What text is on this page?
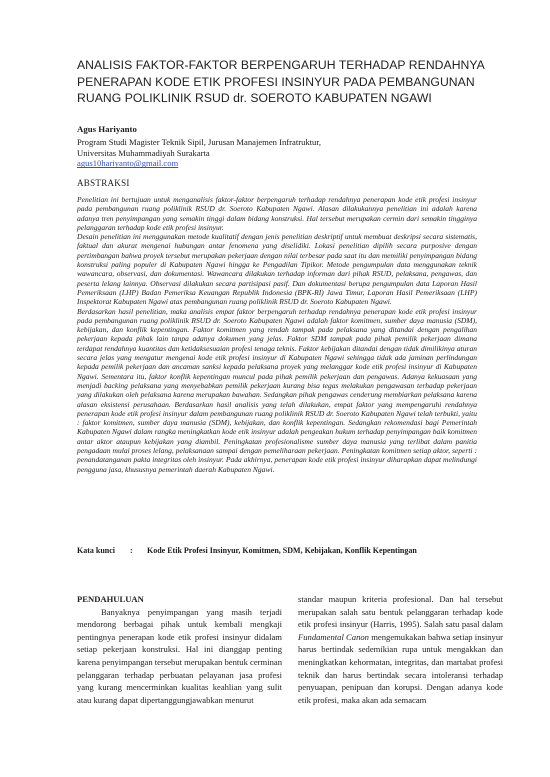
ANALISIS FAKTOR-FAKTOR BERPENGARUH TERHADAP RENDAHNYA
PENERAPAN KODE ETIK PROFESI INSINYUR PADA PEMBANGUNAN
RUANG POLIKLINIK RSUD dr. SOEROTO KABUPATEN NGAWI
Agus Hariyanto
Program Studi Magister Teknik Sipil, Jurusan Manajemen Infratruktur,
Universitas Muhammadiyah Surakarta
agus10hariyanto@gmail.com
ABSTRAKSI

Penelitian ini bertujuan untuk menganalisis faktor-faktor berpengaruh terhadap rendahnya penerapan kode etik profesi insinyur pada pembangunan ruang poliklinik RSUD dr. Soeroto Kabupaten Ngawi. Alasan dilakukannya penelitian ini adalah karena adanya tren penyimpangan yang semakin tinggi dalam bidang konstruksi. Hal tersebut merupakan cermin dari semakin tingginya pelanggaran terhadap kode etik profesi insinyur.

Desain penelitian ini menggunakan metode kualitatif dengan jenis penelitian deskriptif untuk membuat deskripsi secara sistematis, faktual dan akurat mengenai hubungan antar fenomena yang diselidiki. Lokasi penelitian dipilih secara purposive dengan pertimbangan bahwa proyek tersebut merupakan pekerjaan dengan nilai terbesar pada saat itu dan memiliki penyimpangan bidang konstruksi paling populer di Kabupaten Ngawi hingga ke Pengadilan Tipikor. Metode pengumpulan data menggunakan teknik wawancara, observasi, dan dokumentasi. Wawancara dilakukan terhadap informan dari pihak RSUD, pelaksana, pengawas, dan peserta lelang lainnya. Observasi dilakukan secara partisipasi pasif. Dan dokumentasi berupa pengumpulan data Laporan Hasil Pemeriksaan (LHP) Badan Pemeriksa Keuangan Republik Indonesia (BPK-RI) Jawa Timur, Laporan Hasil Pemeriksaan (LHP) Inspektorat Kabupaten Ngawi atas pembangunan ruang poliklinik RSUD dr. Soeroto Kabupaten Ngawi.

Berdasarkan hasil penelitian, maka analisis empat faktor berpengaruh terhadap rendahnya penerapan kode etik profesi insinyur pada pembangunan ruang poliklinik RSUD dr. Soeroto Kabupaten Ngawi adalah faktor komitmen, sumber daya manusia (SDM), kebijakan, dan konflik kepentingan. Faktor komitmen yang rendah tampak pada pelaksana yang ditandai dengan pengalihan pekerjaan kepada pihak lain tanpa adanya dokumen yang jelas. Faktor SDM tampak pada pihak pemilik pekerjaan dimana terdapat rendahnya kuantitas dan ketidaksesuaian profesi tenaga teknis. Faktor kebijakan ditandai dengan tidak dimilikinya aturan secara jelas yang mengatur mengenai kode etik profesi insinyur di Kabupaten Ngawi sehingga tidak ada jaminan perlindungan kepada pemilik pekerjaan dan ancaman sanksi kepada pelaksana proyek yang melanggar kode etik profesi insinyur di Kabupaten Ngawi. Sementara itu, faktor konflik kepentingan muncul pada pihak pemilik pekerjaan dan pengawas. Adanya kekuasaan yang menjadi backing pelaksana yang menyebabkan pemilik pekerjaan kurang bisa tegas melakukan pengawasan terhadap pekerjaan yang dilakukan oleh pelaksana karena merupakan bawahan. Sedangkan pihak pengawas cenderung membiarkan pelaksana karena alasan eksistensi perusahaan. Berdasarkan hasil analisis yang telah dilakukan, empat faktor yang mempengaruhi rendahnya penerapan kode etik profesi insinyur dalam pembangunan ruang poliklinik RSUD dr. Soeroto Kabupaten Ngawi telah terbukti, yaitu : faktor komitmen, sumber daya manusia (SDM), kebijakan, dan konflik kepentingan. Sedangkan rekomendasi bagi Pemerintah Kabupaten Ngawi dalam rangka meningkatkan kode etik insinyur adalah pengeakan hukum terhadap penyimpangan baik komitmen antar aktor ataupun kebijakan yang diambil. Peningkatan profesionalisme sumber daya manusia yang terlibat dalam panitia pengadaan mulai proses lelang, pelaksanaan sampai dengan pemeliharaan pekerjaan. Peningkatan komitmen setiap aktor, seperti : penandatanganan pakta integritas oleh insinyur. Pada akhirnya, penerapan kode etik profesi insinyur diharapkan dapat melindungi pengguna jasa, khususnya pemerintah daerah Kabupaten Ngawi.

Kata kunci : Kode Etik Profesi Insinyur, Komitmen, SDM, Kebijakan, Konflik Kepentingan
PENDAHULUAN

Banyaknya penyimpangan yang masih terjadi mendorong berbagai pihak untuk kembali mengkaji pentingnya penerapan kode etik profesi insinyur didalam setiap pekerjaan konstruksi. Hal ini dianggap penting karena penyimpangan tersebut merupakan bentuk cerminan pelanggaran terhadap perbuatan pelayanan jasa profesi yang kurang mencerminkan kualitas keahlian yang sulit atau kurang dapat dipertanggungjawabkan menurut

standar maupun kriteria profesional. Dan hal tersebut merupakan salah satu bentuk pelanggaran terhadap kode etik profesi insinyur (Harris, 1995). Salah satu pasal dalam Fundamental Canon mengemukakan bahwa setiap insinyur harus bertindak sedemikian rupa untuk mengakkan dan meningkatkan kehormatan, integritas, dan martabat profesi teknik dan harus bertindak secara intoleransi terhadap penyuapan, penipuan dan korupsi. Dengan adanya kode etik profesi, maka akan ada semacam
